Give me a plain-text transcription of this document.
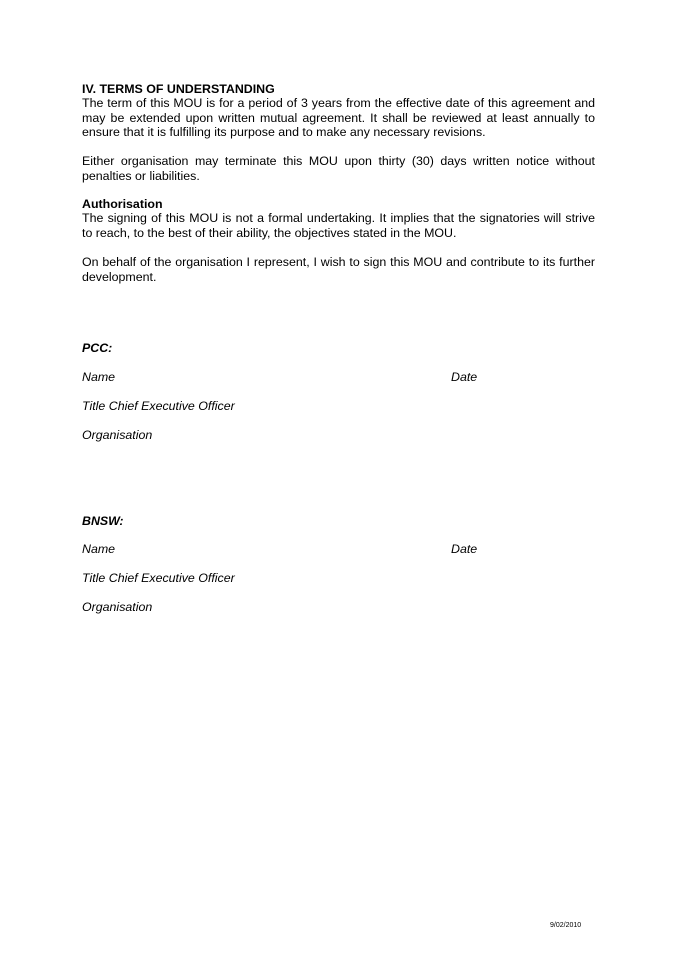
IV. TERMS OF UNDERSTANDING

The term of this MOU is for a period of 3 years from the effective date of this agreement and may be extended upon written mutual agreement. It shall be reviewed at least annually to ensure that it is fulfilling its purpose and to make any necessary revisions.

Either organisation may terminate this MOU upon thirty (30) days written notice without penalties or liabilities.

Authorisation

The signing of this MOU is not a formal undertaking. It implies that the signatories will strive to reach, to the best of their ability, the objectives stated in the MOU.

On behalf of the organisation I represent, I wish to sign this MOU and contribute to its further development.

PCC:
Name	Date
Title Chief Executive Officer
Organisation
BNSW:
Name	Date
Title Chief Executive Officer
Organisation
9/02/2010
